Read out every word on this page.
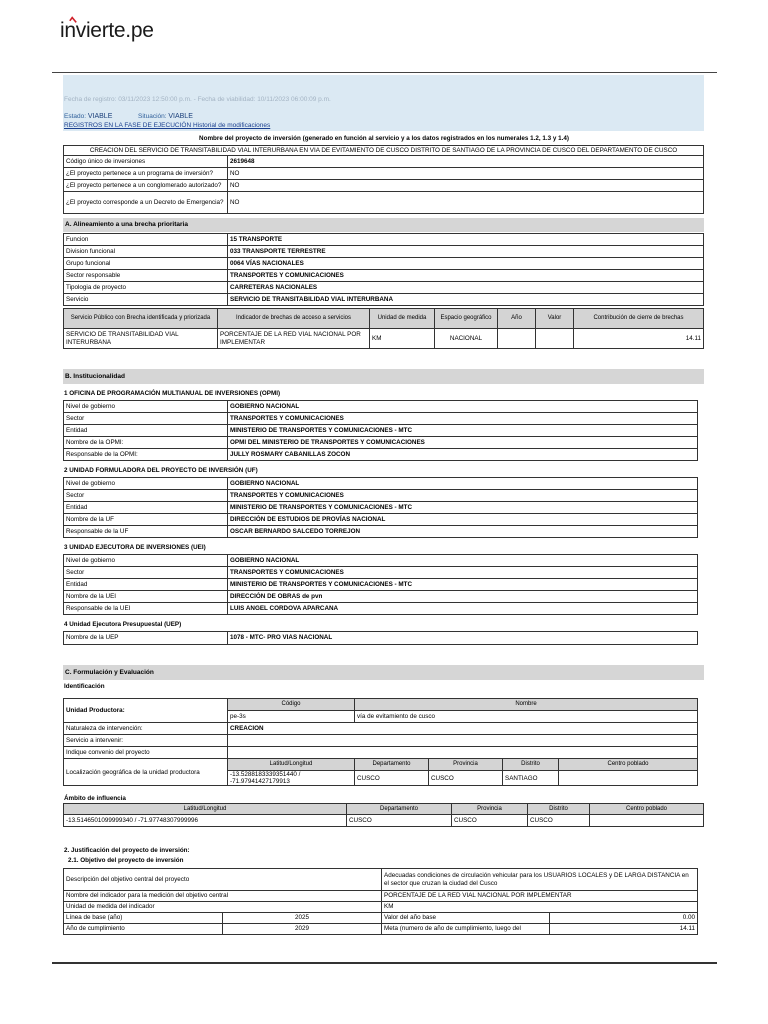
invierte.pe
Fecha de registro: 03/11/2023 12:50:00 p.m. - Fecha de viabilidad: 10/11/2023 06:00:09 p.m.
Estado: VIABLE	Situación: VIABLE
REGISTROS EN LA FASE DE EJECUCIÓN Historial de modificaciones
Nombre del proyecto de inversión (generado en función al servicio y a los datos registrados en los numerales 1.2, 1.3 y 1.4)
CREACION DEL SERVICIO DE TRANSITABILIDAD VIAL INTERURBANA EN VIA DE EVITAMIENTO DE CUSCO DISTRITO DE SANTIAGO DE LA PROVINCIA DE CUSCO DEL DEPARTAMENTO DE CUSCO	
Código único de inversiones	2619648
¿El proyecto pertenece a un programa de inversión?	NO
¿El proyecto pertenece a un conglomerado autorizado?	NO
¿El proyecto corresponde a un Decreto de Emergencia?	NO
A. Alineamiento a una brecha prioritaria
Funcion	15 TRANSPORTE
Division funcional	033 TRANSPORTE TERRESTRE
Grupo funcional	0064 VÍAS NACIONALES
Sector responsable	TRANSPORTES Y COMUNICACIONES
Tipologia de proyecto	CARRETERAS NACIONALES
Servicio	SERVICIO DE TRANSITABILIDAD VIAL INTERURBANA
Servicio Público con Brecha identificada y priorizada	Indicador de brechas de acceso a servicios	Unidad de medida	Espacio geográfico	Año	Valor	Contribución de cierre de brechas
SERVICIO DE TRANSITABILIDAD VIAL INTERURBANA	PORCENTAJE DE LA RED VIAL NACIONAL POR IMPLEMENTAR	KM	NACIONAL			14.11
B. Institucionalidad
1 OFICINA DE PROGRAMACIÓN MULTIANUAL DE INVERSIONES (OPMI)
Nivel de gobierno	GOBIERNO NACIONAL
Sector	TRANSPORTES Y COMUNICACIONES
Entidad	MINISTERIO DE TRANSPORTES Y COMUNICACIONES - MTC
Nombre de la OPMI:	OPMI DEL MINISTERIO DE TRANSPORTES Y COMUNICACIONES
Responsable de la OPMI:	JULLY ROSMARY CABANILLAS ZOCON
2 UNIDAD FORMULADORA DEL PROYECTO DE INVERSIÓN (UF)
Nivel de gobierno	GOBIERNO NACIONAL
Sector	TRANSPORTES Y COMUNICACIONES
Entidad	MINISTERIO DE TRANSPORTES Y COMUNICACIONES - MTC
Nombre de la UF	DIRECCIÓN DE ESTUDIOS DE PROVÍAS NACIONAL
Responsable de la UF	OSCAR BERNARDO SALCEDO TORREJON
3 UNIDAD EJECUTORA DE INVERSIONES (UEI)
Nivel de gobierno	GOBIERNO NACIONAL
Sector	TRANSPORTES Y COMUNICACIONES
Entidad	MINISTERIO DE TRANSPORTES Y COMUNICACIONES - MTC
Nombre de la UEI	DIRECCIÓN DE OBRAS de pvn
Responsable de la UEI	LUIS ANGEL CORDOVA APARCANA
4 Unidad Ejecutora Presupuestal (UEP)
Nombre de la UEP	1078 - MTC- PRO VIAS NACIONAL
C. Formulación y Evaluación
Identificación
Unidad Productora:	Código	Nombre			
	pe-3s	vía de evitamiento de cusco			
Naturaleza de intervención:	CREACION				
Servicio a intervenir:					
Indique convenio del proyecto					
Localización geográfica de la unidad productora	Latitud/Longitud	Departamento	Provincia	Distrito	Centro poblado
	-13.5288183339351440 / -71.97941427179913	CUSCO	CUSCO	SANTIAGO	
Ámbito de influencia
Latitud/Longitud	Departamento	Provincia	Distrito	Centro poblado
-13.5146501099999340 / -71.97748307999996	CUSCO	CUSCO	CUSCO	
2. Justificación del proyecto de inversión:
2.1. Objetivo del proyecto de inversión
Descripción del objetivo central del proyecto		Adecuadas condiciones de circulación vehicular para los USUARIOS LOCALES y DE LARGA DISTANCIA en el sector que cruzan la ciudad del Cusco	
Nombre del indicador para la medición del objetivo central		PORCENTAJE DE LA RED VIAL NACIONAL POR IMPLEMENTAR	
Unidad de medida del indicador		KM	
Línea de base (año)	2025	Valor del año base	0.00
Año de cumplimiento	2029	Meta (numero de año de cumplimiento, luego del	14.11
